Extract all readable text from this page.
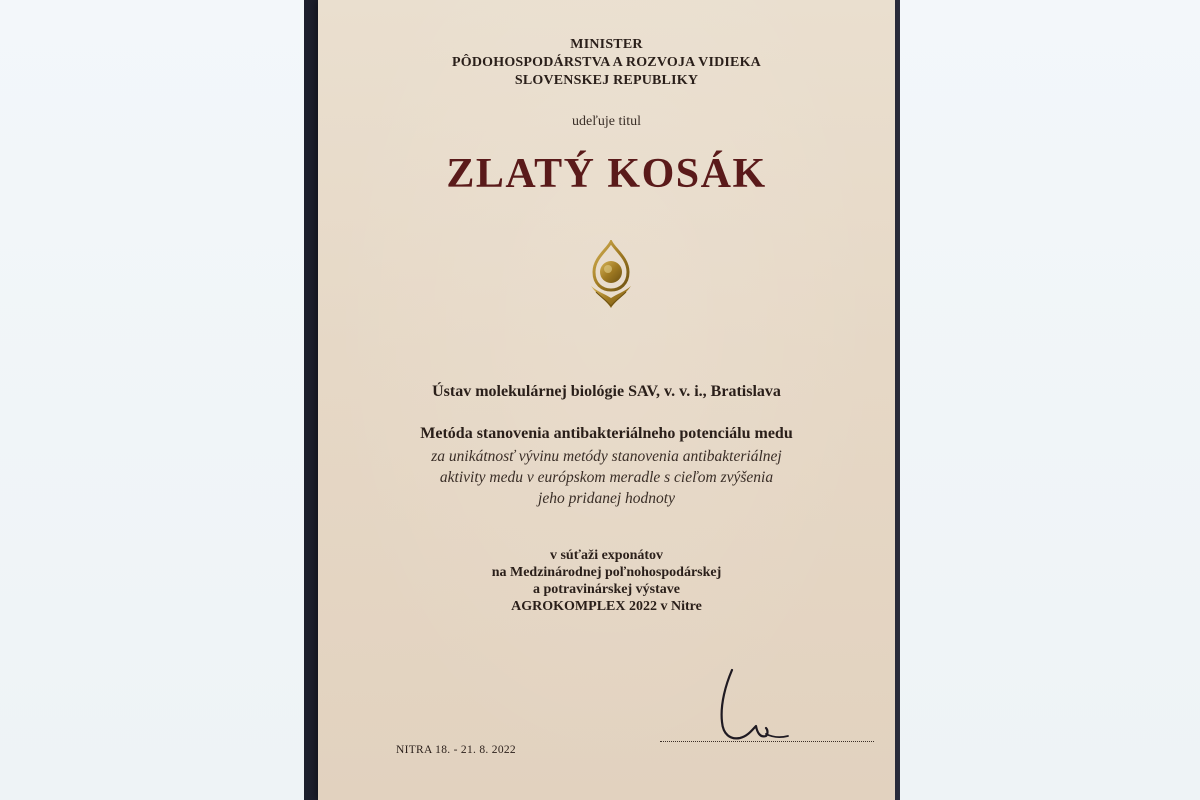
MINISTER
PÔDOHOSPODÁRSTVA A ROZVOJA VIDIEKA
SLOVENSKEJ REPUBLIKY
udeľuje titul
ZLATÝ KOSÁK
Ústav molekulárnej biológie SAV, v. v. i., Bratislava
Metóda stanovenia antibakteriálneho potenciálu medu
za unikátnosť vývinu metódy stanovenia antibakteriálnej
aktivity medu v európskom meradle s cieľom zvýšenia
jeho pridanej hodnoty
v súťaži exponátov
na Medzinárodnej poľnohospodárskej
a potravinárskej výstave
AGROKOMPLEX 2022 v Nitre
NITRA 18. - 21. 8. 2022
